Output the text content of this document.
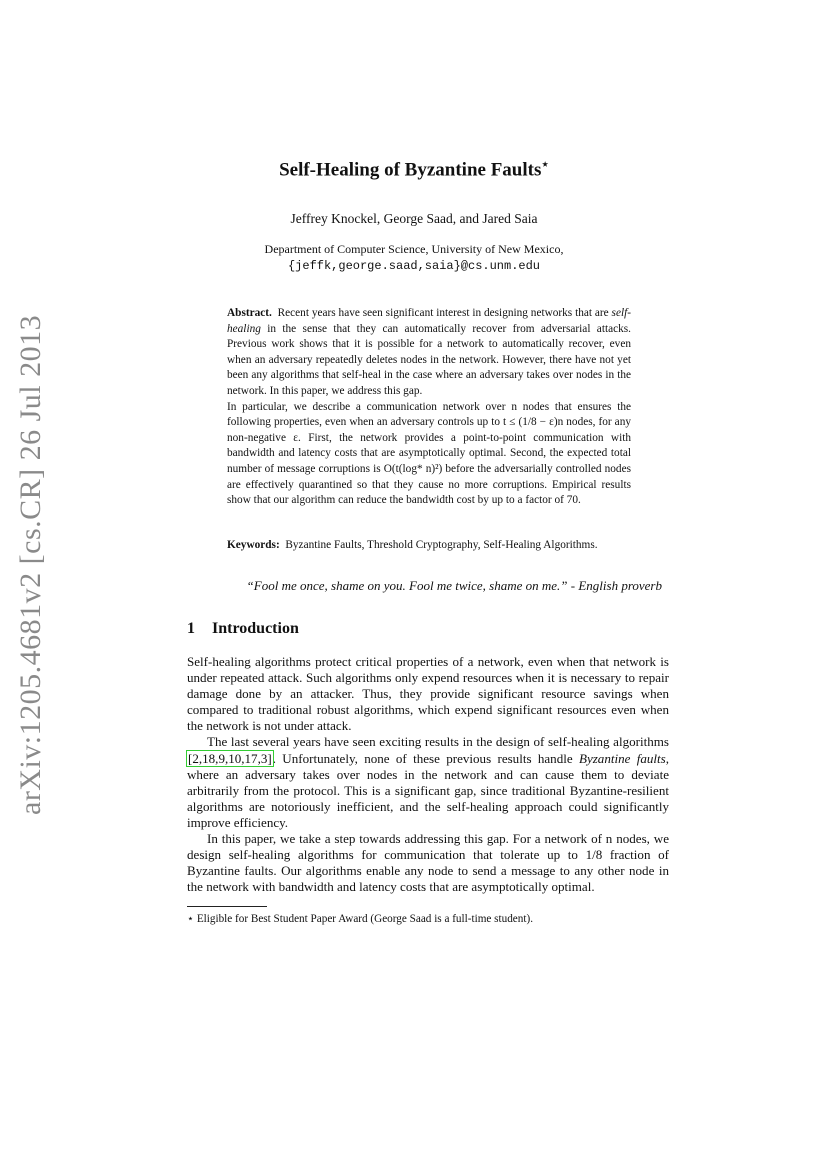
arXiv:1205.4681v2 [cs.CR] 26 Jul 2013
Self-Healing of Byzantine Faults⋆
Jeffrey Knockel, George Saad, and Jared Saia
Department of Computer Science, University of New Mexico,
{jeffk,george.saad,saia}@cs.unm.edu

Abstract. Recent years have seen significant interest in designing networks that are self-healing in the sense that they can automatically recover from adversarial attacks. Previous work shows that it is possible for a network to automatically recover, even when an adversary repeatedly deletes nodes in the network. However, there have not yet been any algorithms that self-heal in the case where an adversary takes over nodes in the network. In this paper, we address this gap.

In particular, we describe a communication network over n nodes that ensures the following properties, even when an adversary controls up to t ≤ (1/8 − ε)n nodes, for any non-negative ε. First, the network provides a point-to-point communication with bandwidth and latency costs that are asymptotically optimal. Second, the expected total number of message corruptions is O(t(log* n)²) before the adversarially controlled nodes are effectively quarantined so that they cause no more corruptions. Empirical results show that our algorithm can reduce the bandwidth cost by up to a factor of 70.

Keywords: Byzantine Faults, Threshold Cryptography, Self-Healing Algorithms.
“Fool me once, shame on you. Fool me twice, shame on me.” - English proverb
1 Introduction

Self-healing algorithms protect critical properties of a network, even when that network is under repeated attack. Such algorithms only expend resources when it is necessary to repair damage done by an attacker. Thus, they provide significant resource savings when compared to traditional robust algorithms, which expend significant resources even when the network is not under attack.

The last several years have seen exciting results in the design of self-healing algorithms [2,18,9,10,17,3]. Unfortunately, none of these previous results handle Byzantine faults, where an adversary takes over nodes in the network and can cause them to deviate arbitrarily from the protocol. This is a significant gap, since traditional Byzantine-resilient algorithms are notoriously inefficient, and the self-healing approach could significantly improve efficiency.

In this paper, we take a step towards addressing this gap. For a network of n nodes, we design self-healing algorithms for communication that tolerate up to 1/8 fraction of Byzantine faults. Our algorithms enable any node to send a message to any other node in the network with bandwidth and latency costs that are asymptotically optimal.

⋆ Eligible for Best Student Paper Award (George Saad is a full-time student).
